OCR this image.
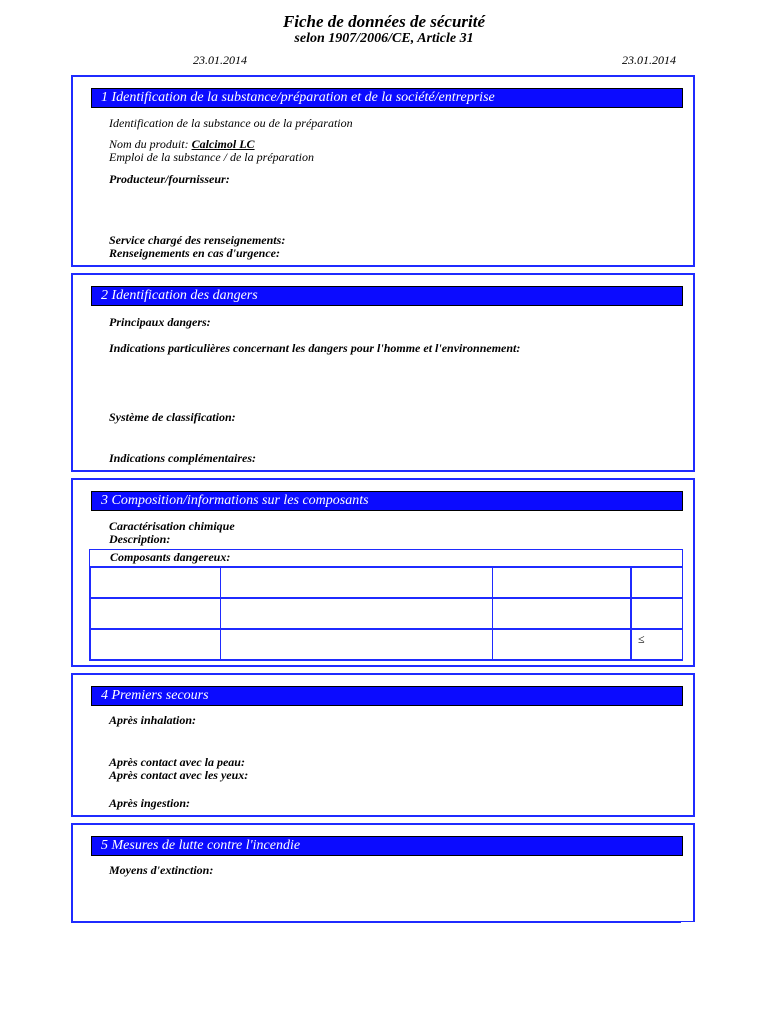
Fiche de données de sécurité
selon 1907/2006/CE, Article 31
23.01.2014	23.01.2014
1 Identification de la substance/préparation et de la société/entreprise
Identification de la substance ou de la préparation
Nom du produit: Calcimol LC
Emploi de la substance / de la préparation
Producteur/fournisseur:
Service chargé des renseignements:
Renseignements en cas d'urgence:
2 Identification des dangers
Principaux dangers:
Indications particulières concernant les dangers pour l'homme et l'environnement:
Système de classification:
Indications complémentaires:
3 Composition/informations sur les composants
Caractérisation chimique
Description:
Composants dangereux:
≤
4 Premiers secours
Après inhalation:
Après contact avec la peau:
Après contact avec les yeux:
Après ingestion:
5 Mesures de lutte contre l'incendie
Moyens d'extinction:
